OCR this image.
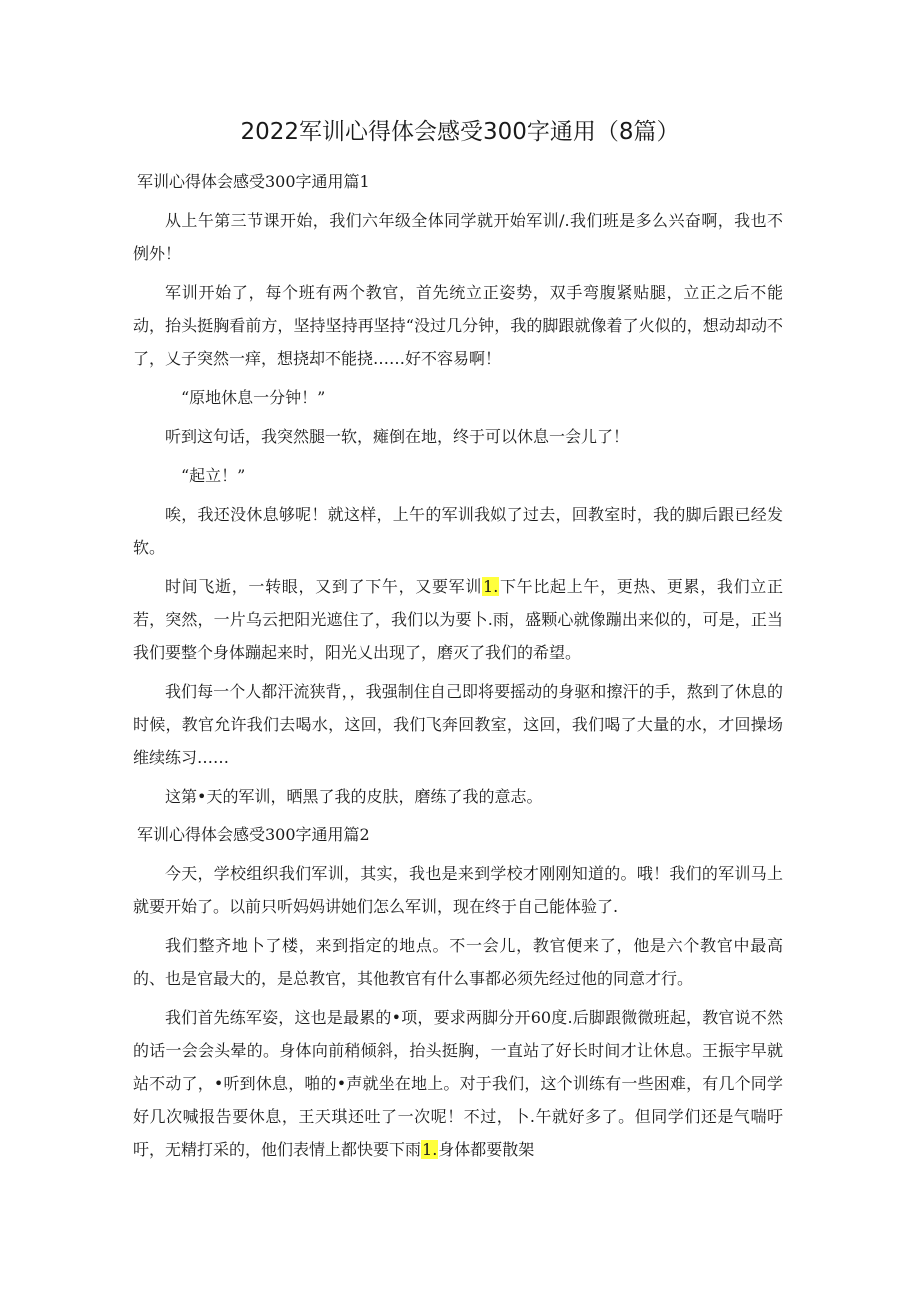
2022军训心得体会感受300字通用（8篇）

军训心得体会感受300字通用篇1

从上午第三节课开始，我们六年级全体同学就开始军训/.我们班是多么兴奋啊，我也不例外！

军训开始了，每个班有两个教官，首先统立正姿势，双手弯腹紧贴腿，立正之后不能动，抬头挺胸看前方，坚持坚持再坚持“没过几分钟，我的脚跟就像着了火似的，想动却动不了，乂子突然一痒，想挠却不能挠……好不容易啊！

“原地休息一分钟！”

听到这句话，我突然腿一软，瘫倒在地，终于可以休息一会儿了！

“起立！”

唉，我还没休息够呢！就这样，上午的军训我姒了过去，回教室时，我的脚后跟已经发软。

时间飞逝，一转眼，又到了下午，又要军训1.下午比起上午，更热、更累，我们立正若，突然，一片乌云把阳光遮住了，我们以为要卜.雨，盛颗心就像蹦出来似的，可是，正当我们要整个身体蹦起来时，阳光乂出现了，磨灭了我们的希望。

我们每一个人都汗流狭背，，我强制住自己即将要摇动的身驱和擦汗的手，熬到了休息的时候，教官允许我们去喝水，这回，我们飞奔回教室，这回，我们喝了大量的水，才回操场维续练习……

这第•天的军训，晒黑了我的皮肤，磨练了我的意志。

军训心得体会感受300字通用篇2

今天，学校组织我们军训，其实，我也是来到学校才刚刚知道的。哦！我们的军训马上就要开始了。以前只听妈妈讲她们怎么军训，现在终于自己能体验了.

我们整齐地卜了楼，来到指定的地点。不一会儿，教官便来了，他是六个教官中最高的、也是官最大的，是总教官，其他教官有什么事都必须先经过他的同意才行。

我们首先练军姿，这也是最累的•项，要求两脚分开60度.后脚跟微微班起，教官说不然的话一会会头晕的。身体向前稍倾斜，抬头挺胸，一直站了好长时间才让休息。王振宇早就站不动了，•听到休息，啪的•声就坐在地上。对于我们，这个训练有一些困难，有几个同学好几次喊报告要休息，王天琪还吐了一次呢！不过，卜.午就好多了。但同学们还是气喘吁吁，无精打采的，他们表情上都快要下雨1.身体都要散架
